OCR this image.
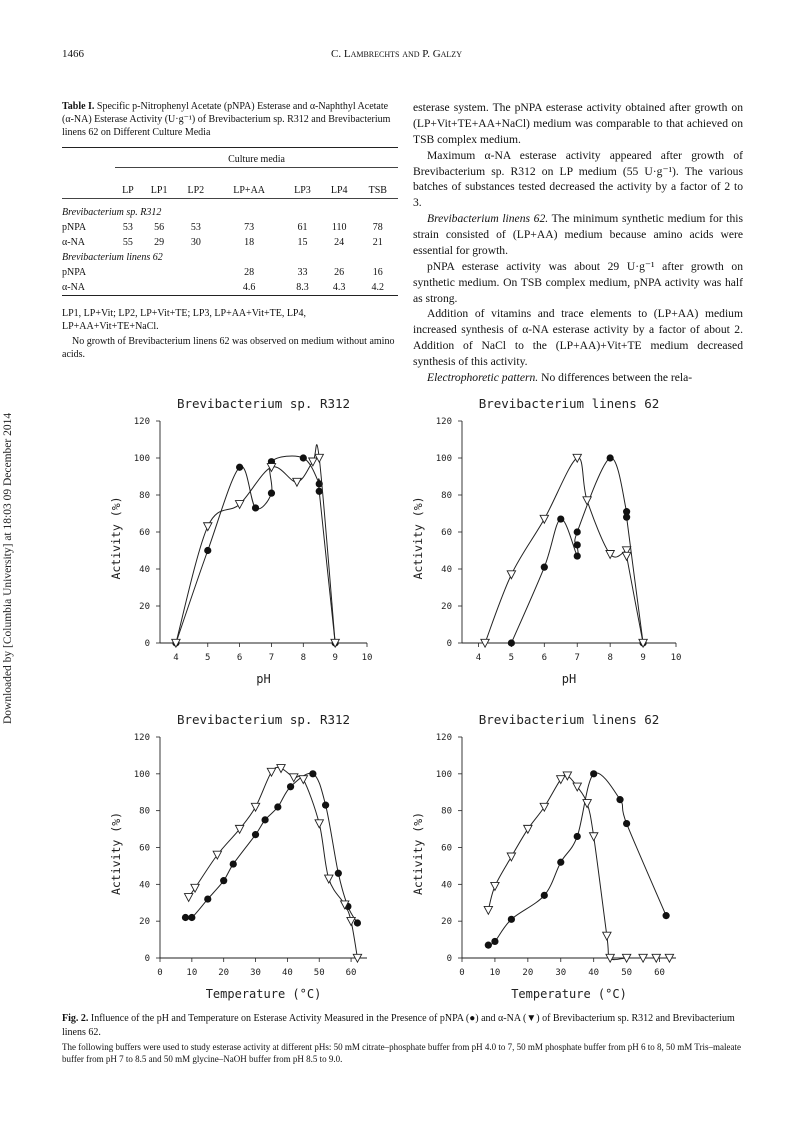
1466	C. Lambrechts and P. Galzy
Downloaded by [Columbia University] at 18:03 09 December 2014

Table I. Specific p-Nitrophenyl Acetate (pNPA) Esterase and α-Naphthyl Acetate (α-NA) Esterase Activity (U·g⁻¹) of Brevibacterium sp. R312 and Brevibacterium linens 62 on Different Culture Media

	Culture media						

	LP	LP1	LP2	LP+AA	LP3	LP4	TSB

Brevibacterium sp. R312							
pNPA	53	56	53	73	61	110	78
α-NA	55	29	30	18	15	24	21
Brevibacterium linens 62							
pNPA				28	33	26	16
α-NA				4.6	8.3	4.3	4.2

LP1, LP+Vit; LP2, LP+Vit+TE; LP3, LP+AA+Vit+TE, LP4, LP+AA+Vit+TE+NaCl.

No growth of Brevibacterium linens 62 was observed on medium without amino acids.

esterase system. The pNPA esterase activity obtained after growth on (LP+Vit+TE+AA+NaCl) medium was comparable to that achieved on TSB complex medium.

Maximum α-NA esterase activity appeared after growth of Brevibacterium sp. R312 on LP medium (55 U·g⁻¹). The various batches of substances tested decreased the activity by a factor of 2 to 3.

Brevibacterium linens 62. The minimum synthetic medium for this strain consisted of (LP+AA) medium because amino acids were essential for growth.

pNPA esterase activity was about 29 U·g⁻¹ after growth on synthetic medium. On TSB complex medium, pNPA activity was half as strong.

Addition of vitamins and trace elements to (LP+AA) medium increased synthesis of α-NA esterase activity by a factor of about 2. Addition of NaCl to the (LP+AA)+Vit+TE medium decreased synthesis of this activity.

Electrophoretic pattern. No differences between the rela-

0
20
40
60
80
100
120
4	5	6	7	8	9	10
Brevibacterium sp. R312
pH
Activity (%)
0
20
40
60
80
100
120
4	5	6	7	8	9	10
Brevibacterium linens 62
pH
Activity (%)
0
20
40
60
80
100
120
0	10 20 30 40 50 60
Brevibacterium sp. R312
Temperature (°C)
Activity (%)
0
20
40
60
80
100
120
0	10 20 30 40 50 60
Brevibacterium linens 62
Temperature (°C)
Activity (%)

Fig. 2. Influence of the pH and Temperature on Esterase Activity Measured in the Presence of pNPA (●) and α-NA (▼) of Brevibacterium sp. R312 and Brevibacterium linens 62.

The following buffers were used to study esterase activity at different pHs: 50 mM citrate–phosphate buffer from pH 4.0 to 7, 50 mM phosphate buffer from pH 6 to 8, 50 mM Tris–maleate buffer from pH 7 to 8.5 and 50 mM glycine–NaOH buffer from pH 8.5 to 9.0.
